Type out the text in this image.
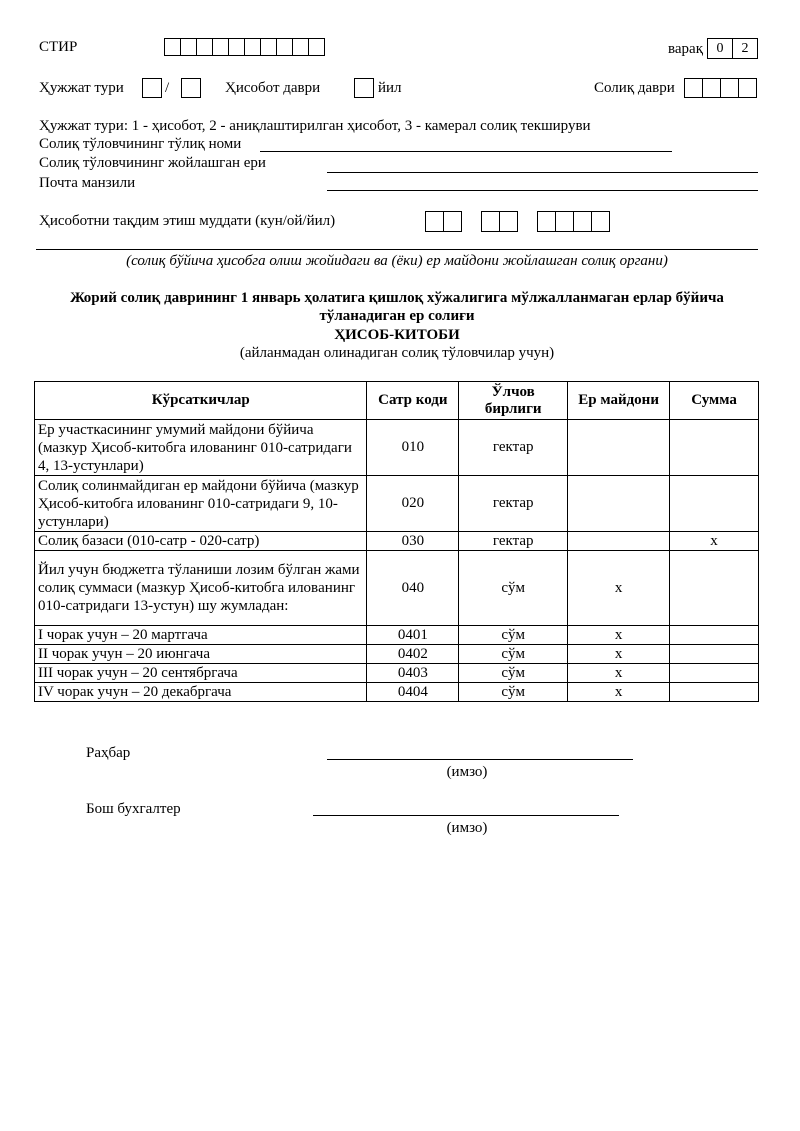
СТИР	варақ 0	2
Ҳужжат тури	/	Ҳисобот даври	йил	Солиқ даври
Ҳужжат тури: 1 - ҳисобот, 2 - аниқлаштирилган ҳисобот, 3 - камерал солиқ текшируви
Солиқ тўловчининг тўлиқ номи
Солиқ тўловчининг жойлашган ери
Почта манзили
Ҳисоботни тақдим этиш муддати (кун/ой/йил)
(солиқ бўйича ҳисобга олиш жойидаги ва (ёки) ер майдони жойлашган солиқ органи)
Жорий солиқ даврининг 1 январь ҳолатига қишлоқ хўжалигига мўлжалланмаган ерлар бўйича
тўланадиган ер солиғи
ҲИСОБ-КИТОБИ
(айланмадан олинадиган солиқ тўловчилар учун)
Кўрсаткичлар	Сатр коди	Ўлчов бирлиги	Ер майдони	Сумма
Ер участкасининг умумий майдони бўйича (мазкур Ҳисоб-китобга иловaнинг 010-сатридаги 4, 13-устунлари)	010	гектар		
Солиқ солинмайдиган ер майдони бўйича (мазкур Ҳисоб-китобга иловaнинг 010-сатридаги 9, 10-устунлари)	020	гектар		
Солиқ базаси (010-сатр - 020-сатр)	030	гектар		x
Йил учун бюджетга тўланиши лозим бўлган жами солиқ суммаси (мазкур Ҳисоб-китобга иловaнинг 010-сатридаги 13-устун) шу жумладан:	040	сўм	x	
I чорак учун – 20 мартгача	0401	сўм	x	
II чорак учун – 20 июнгача	0402	сўм	x	
III чорак учун – 20 сентябргача	0403	сўм	x	
IV чорак учун – 20 декабргача	0404	сўм	x	
Раҳбар
(имзо)
Бош бухгалтер
(имзо)
